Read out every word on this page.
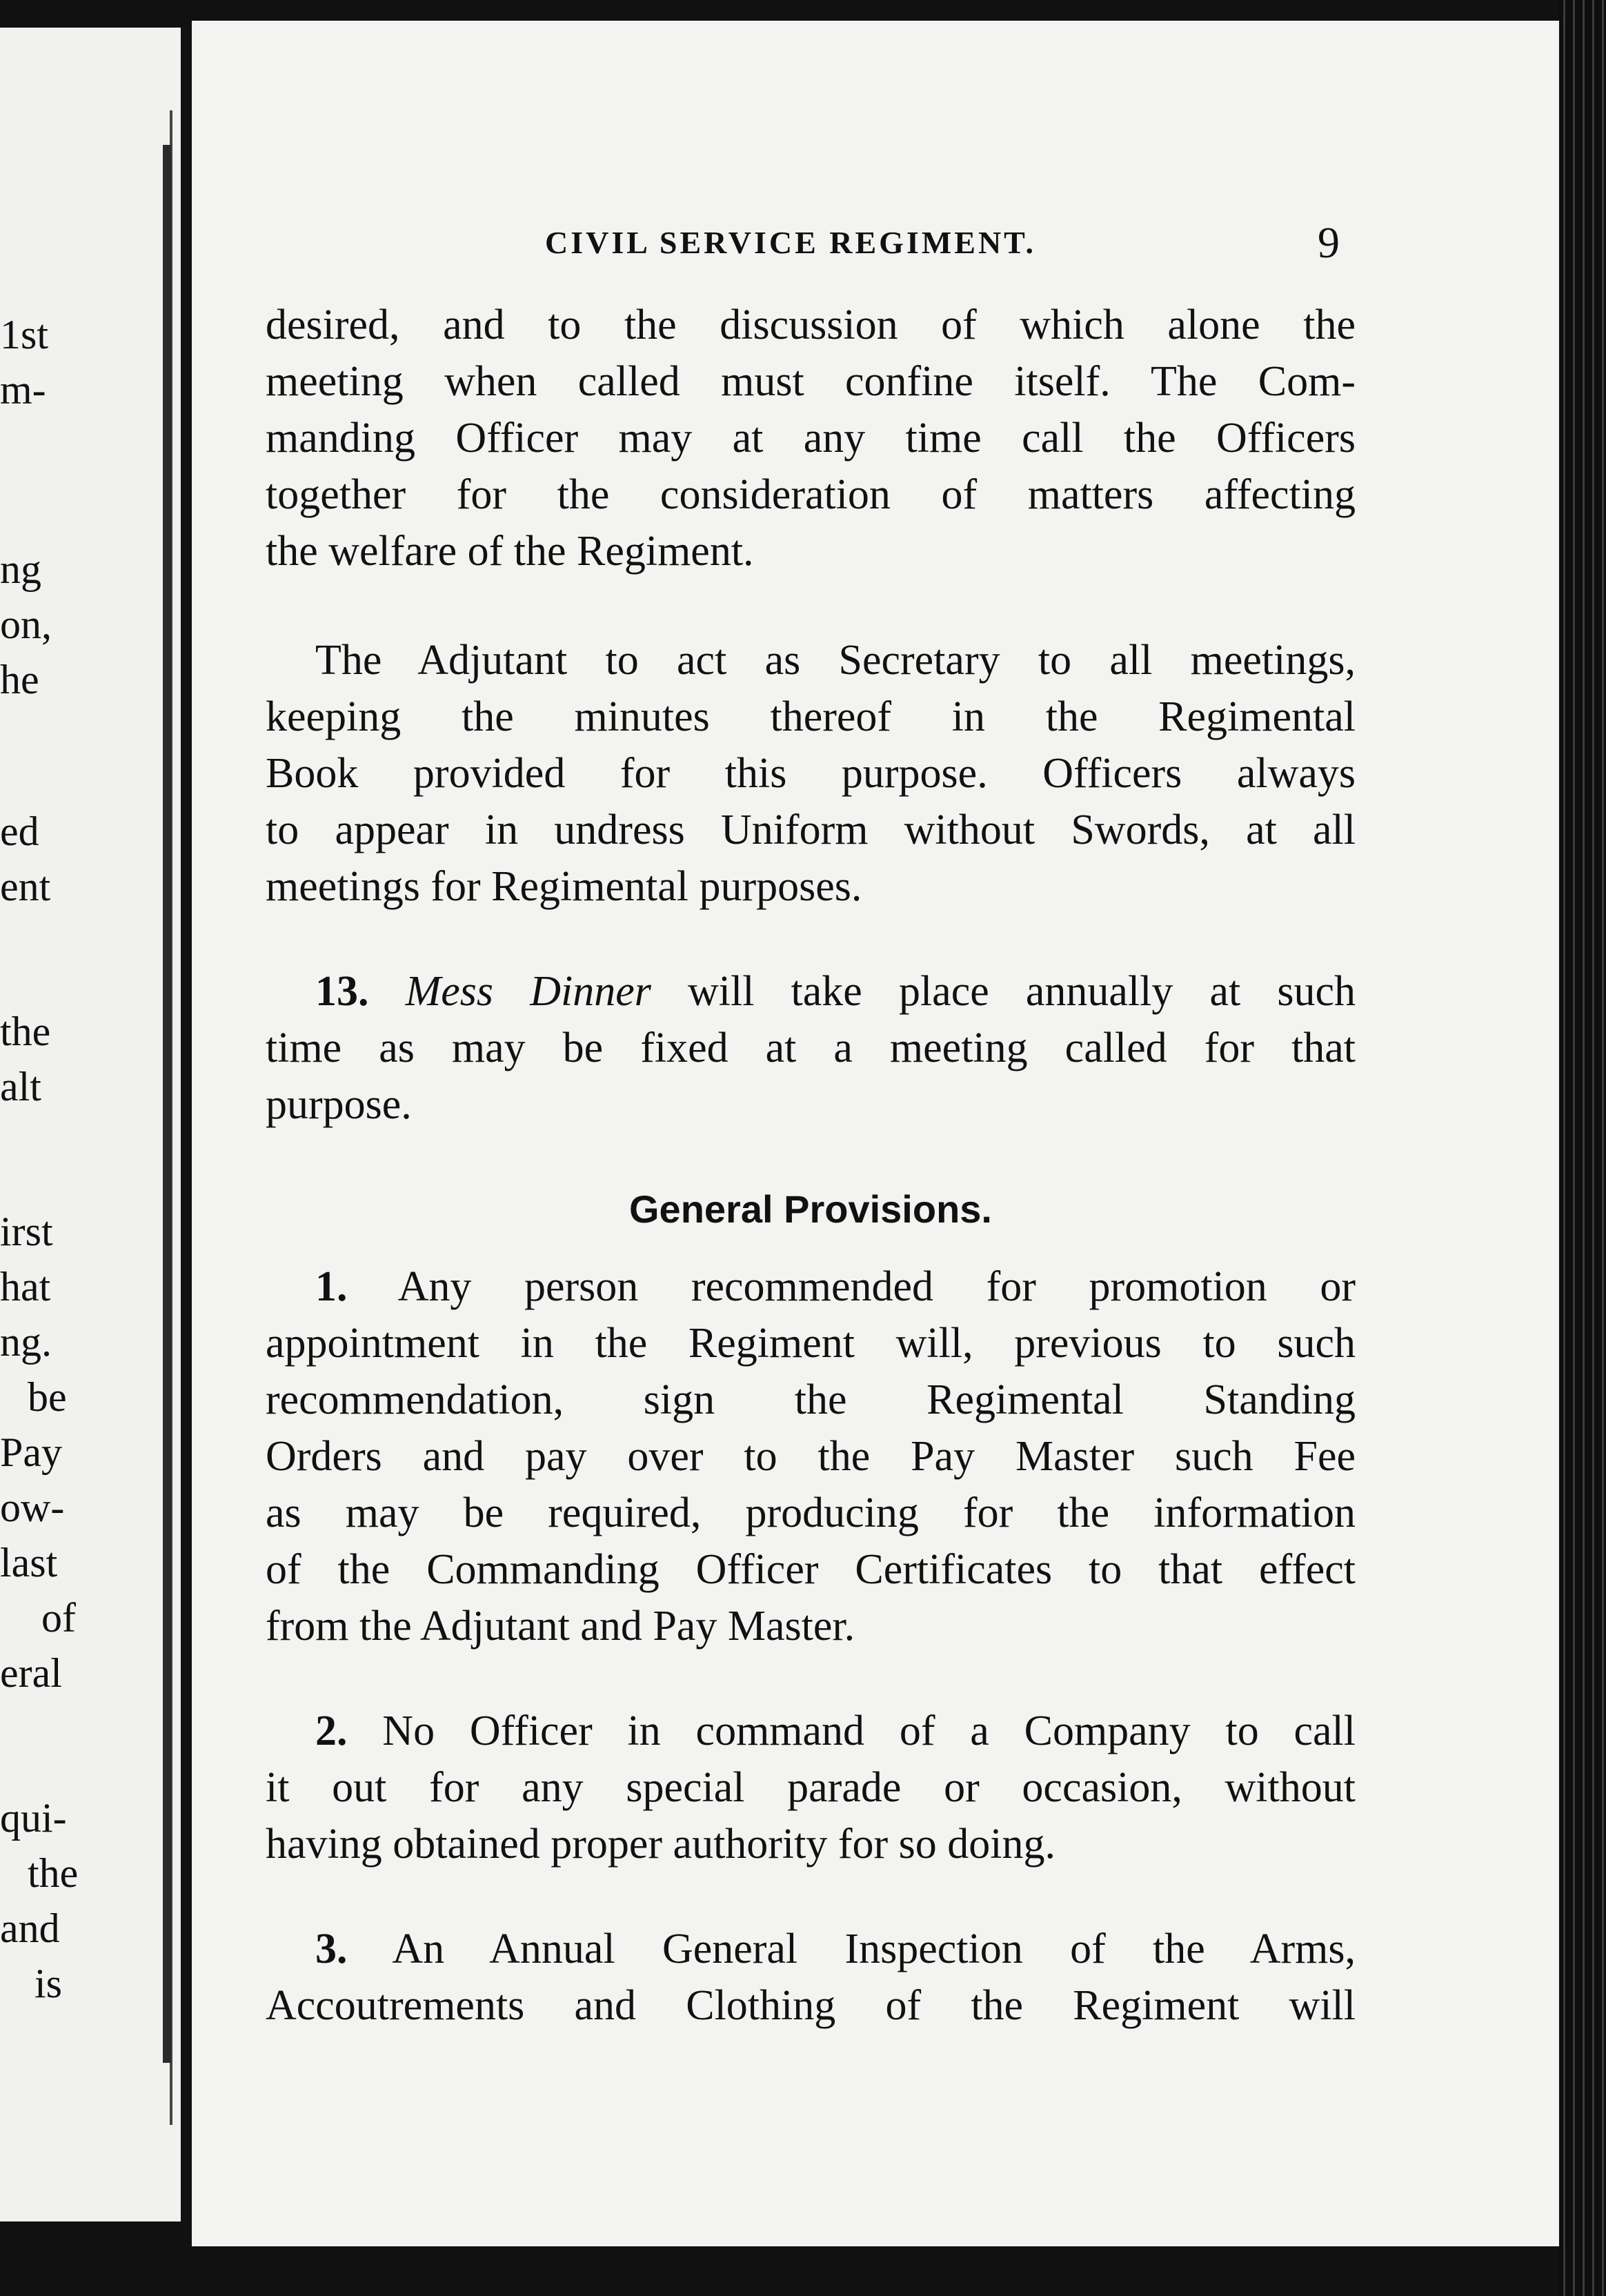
1st
m-
ng
on,
he
ed
ent
the
alt
irst
hat
ng.
be
Pay
ow-
last
of
eral
qui-
the
and
is
CIVIL SERVICE REGIMENT.	9

desired, and to the discussion of which alone the
meeting when called must confine itself. The Com-
manding Officer may at any time call the Officers
together for the consideration of matters affecting
the welfare of the Regiment.

The Adjutant to act as Secretary to all meetings,
keeping the minutes thereof in the Regimental
Book provided for this purpose. Officers always
to appear in undress Uniform without Swords, at all
meetings for Regimental purposes.

13. Mess Dinner will take place annually at such
time as may be fixed at a meeting called for that
purpose.

General Provisions.

1. Any person recommended for promotion or
appointment in the Regiment will, previous to such
recommendation, sign the Regimental Standing
Orders and pay over to the Pay Master such Fee
as may be required, producing for the information
of the Commanding Officer Certificates to that effect
from the Adjutant and Pay Master.

2. No Officer in command of a Company to call
it out for any special parade or occasion, without
having obtained proper authority for so doing.

3. An Annual General Inspection of the Arms,
Accoutrements and Clothing of the Regiment will
